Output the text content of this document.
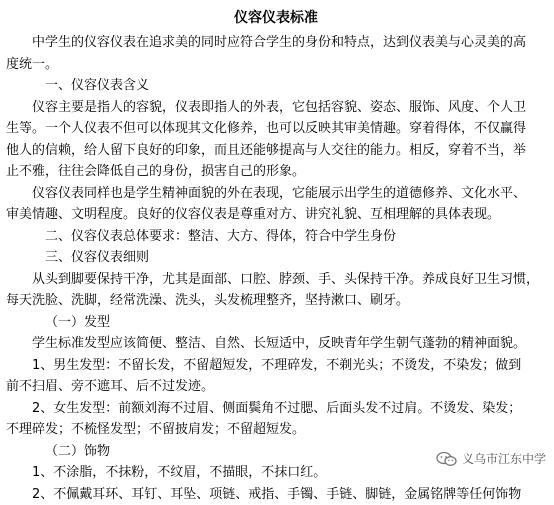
仪容仪表标准
中学生的仪容仪表在追求美的同时应符合学生的身份和特点，达到仪表美与心灵美的高
度统一。
一、仪容仪表含义
仪容主要是指人的容貌，仪表即指人的外表，它包括容貌、姿态、服饰、风度、个人卫
生等。一个人仪表不但可以体现其文化修养，也可以反映其审美情趣。穿着得体，不仅赢得
他人的信赖，给人留下良好的印象，而且还能够提高与人交往的能力。相反，穿着不当，举
止不雅，往往会降低自己的身份，损害自己的形象。
仪容仪表同样也是学生精神面貌的外在表现，它能展示出学生的道德修养、文化水平、
审美情趣、文明程度。良好的仪容仪表是尊重对方、讲究礼貌、互相理解的具体表现。
二、仪容仪表总体要求：整洁、大方、得体，符合中学生身份
三、仪容仪表细则
从头到脚要保持干净，尤其是面部、口腔、脖颈、手、头保持干净。养成良好卫生习惯，
每天洗脸、洗脚，经常洗澡、洗头，头发梳理整齐，坚持漱口、刷牙。
（一）发型
学生标准发型应该简便、整洁、自然、长短适中，反映青年学生朝气蓬勃的精神面貌。
1、男生发型：不留长发，不留超短发，不理碎发，不剃光头；不烫发，不染发；做到
前不扫眉、旁不遮耳、后不过发迹。
2、女生发型：前额刘海不过眉、侧面鬓角不过腮、后面头发不过肩。不烫发、染发；
不理碎发；不梳怪发型；不留披肩发；不留超短发。
（二）饰物
1、不涂脂，不抹粉，不纹眉，不描眼，不抹口红。
2、不佩戴耳环、耳钉、耳坠、项链、戒指、手镯、手链、脚链，金属铭牌等任何饰物
义乌市江东中学
